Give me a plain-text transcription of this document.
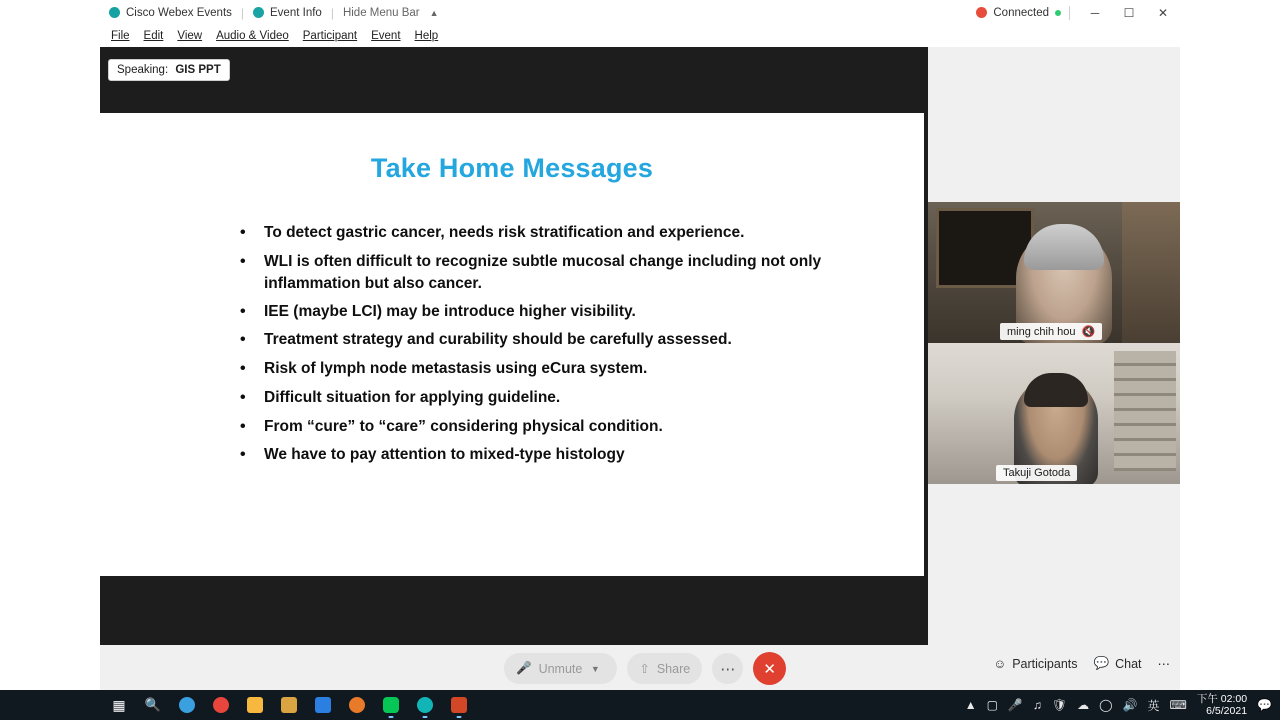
Cisco Webex Events | Event Info | Hide Menu Bar ▲	Connected	─	☐	✕
File	Edit	View	Audio & Video	Participant	Event	Help
Speaking: GIS PPT
Take Home Messages
•	To detect gastric cancer, needs risk stratification and experience.
•	WLI is often difficult to recognize subtle mucosal change including not only inflammation but also cancer.
•	IEE (maybe LCI) may be introduce higher visibility.
•	Treatment strategy and curability should be carefully assessed.
•	Risk of lymph node metastasis using eCura system.
•	Difficult situation for applying guideline.
•	From “cure” to “care” considering physical condition.
•	We have to pay attention to mixed-type histology
ming chih hou 🔇
Takuji Gotoda
🎤 Unmute ▼	⇧ Share	⋯	✕	☺ Participants 💬 Chat ⋯
▦ 🔍	▲ ▢ 🎤 ♫ 🛡 ☁ ◯ 🔊 英 ⌨ 下午 02:00
6/5/2021 💬
